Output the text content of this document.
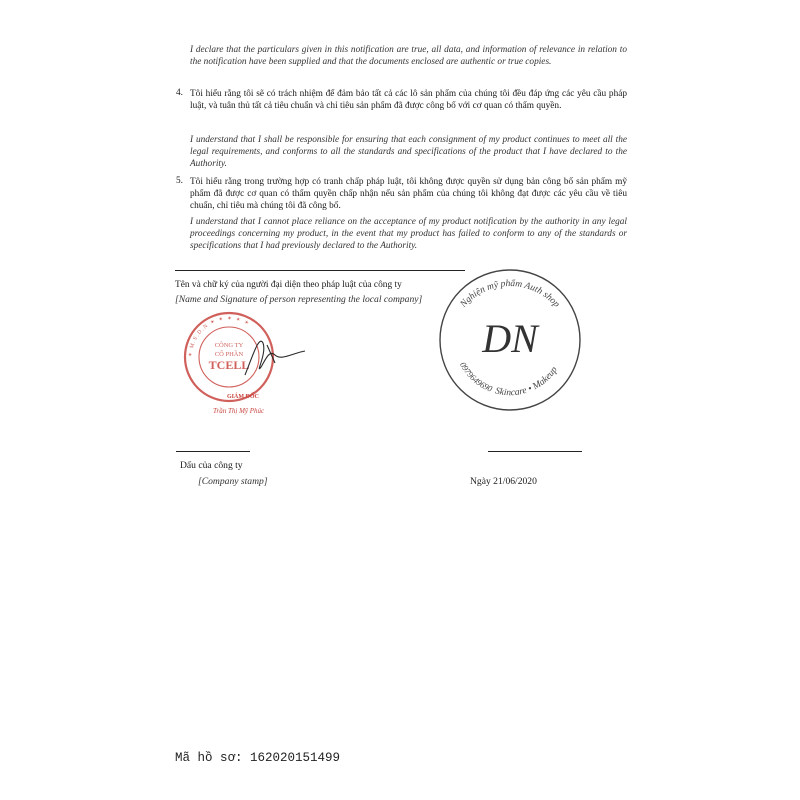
I declare that the particulars given in this notification are true, all data, and information of relevance in relation to the notification have been supplied and that the documents enclosed are authentic or true copies.
4. Tôi hiểu rằng tôi sẽ có trách nhiệm để đảm bảo tất cả các lô sản phẩm của chúng tôi đều đáp ứng các yêu cầu pháp luật, và tuân thủ tất cả tiêu chuẩn và chỉ tiêu sản phẩm đã được công bố với cơ quan có thẩm quyền.
I understand that I shall be responsible for ensuring that each consignment of my product continues to meet all the legal requirements, and conforms to all the standards and specifications of the product that I have declared to the Authority.
5. Tôi hiểu rằng trong trường hợp có tranh chấp pháp luật, tôi không được quyền sử dụng bản công bố sản phẩm mỹ phẩm đã được cơ quan có thẩm quyền chấp nhận nếu sản phẩm của chúng tôi không đạt được các yêu cầu về tiêu chuẩn, chỉ tiêu mà chúng tôi đã công bố.
I understand that I cannot place reliance on the acceptance of my product notification by the authority in any legal proceedings concerning my product, in the event that my product has failed to conform to any of the standards or specifications that I had previously declared to the Authority.
Tên và chữ ký của người đại diện theo pháp luật của công ty
[Name and Signature of person representing the local company]
✶ M.S.D.N ✶ ✶ ✶ ✶ ✶
CÔNG TY
CỔ PHẦN
TCELL
GIÁM ĐỐC
Trần Thị Mỹ Phúc
Nghiện mỹ phẩm Auth shop
DN
0979649690 Skincare • Makeup
Dấu của công ty
[Company stamp]	Ngày 21/06/2020
Mã hồ sơ: 162020151499
